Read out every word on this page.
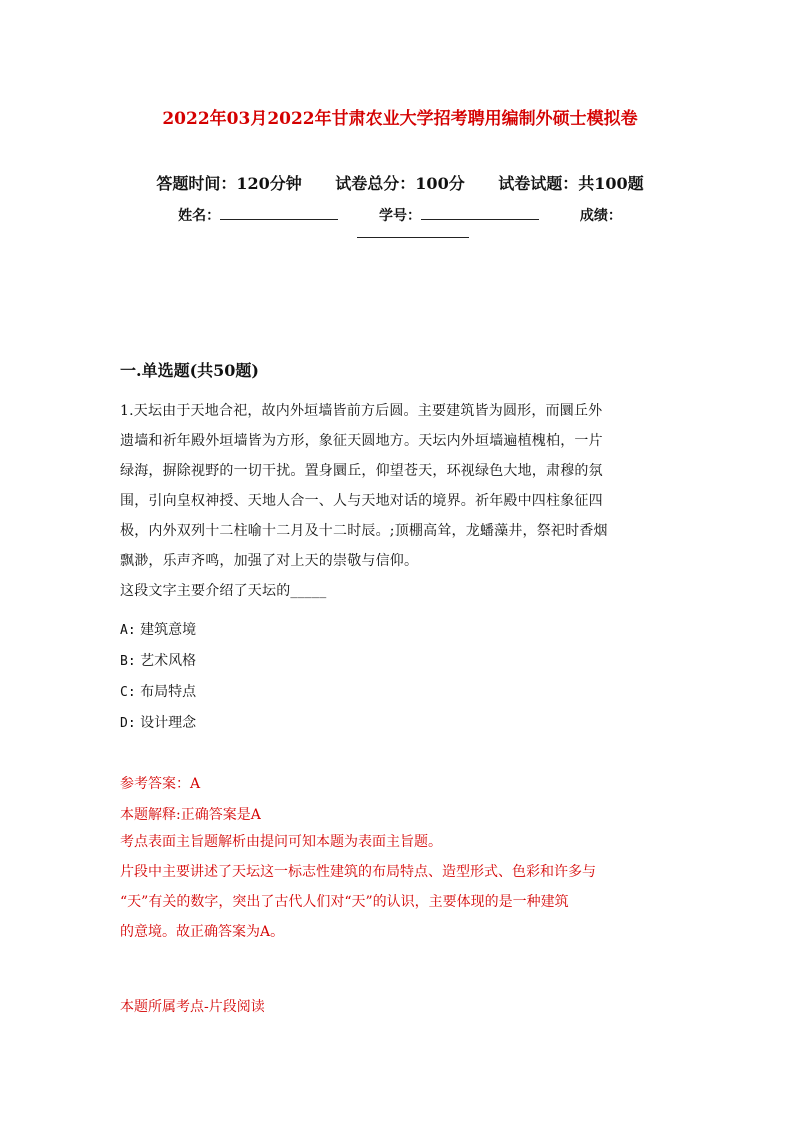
2022年03月2022年甘肃农业大学招考聘用编制外硕士模拟卷
答题时间：120分钟 试卷总分：100分 试卷试题：共100题
姓名：	学号：	成绩：
一.单选题(共50题)
1.天坛由于天地合祀，故内外垣墙皆前方后圆。主要建筑皆为圆形，而圜丘外
遗墙和祈年殿外垣墙皆为方形，象征天圆地方。天坛内外垣墙遍植槐柏，一片
绿海，摒除视野的一切干扰。置身圜丘，仰望苍天，环视绿色大地，肃穆的氛
围，引向皇权神授、天地人合一、人与天地对话的境界。祈年殿中四柱象征四
极，内外双列十二柱喻十二月及十二时辰。;顶棚高耸，龙蟠藻井，祭祀时香烟
飘渺，乐声齐鸣，加强了对上天的崇敬与信仰。
这段文字主要介绍了天坛的_____
A: 建筑意境
B: 艺术风格
C: 布局特点
D: 设计理念
参考答案：A
本题解释:正确答案是A
考点表面主旨题解析由提问可知本题为表面主旨题。
片段中主要讲述了天坛这一标志性建筑的布局特点、造型形式、色彩和许多与
“天”有关的数字，突出了古代人们对“天”的认识，主要体现的是一种建筑
的意境。故正确答案为A。
本题所属考点-片段阅读
